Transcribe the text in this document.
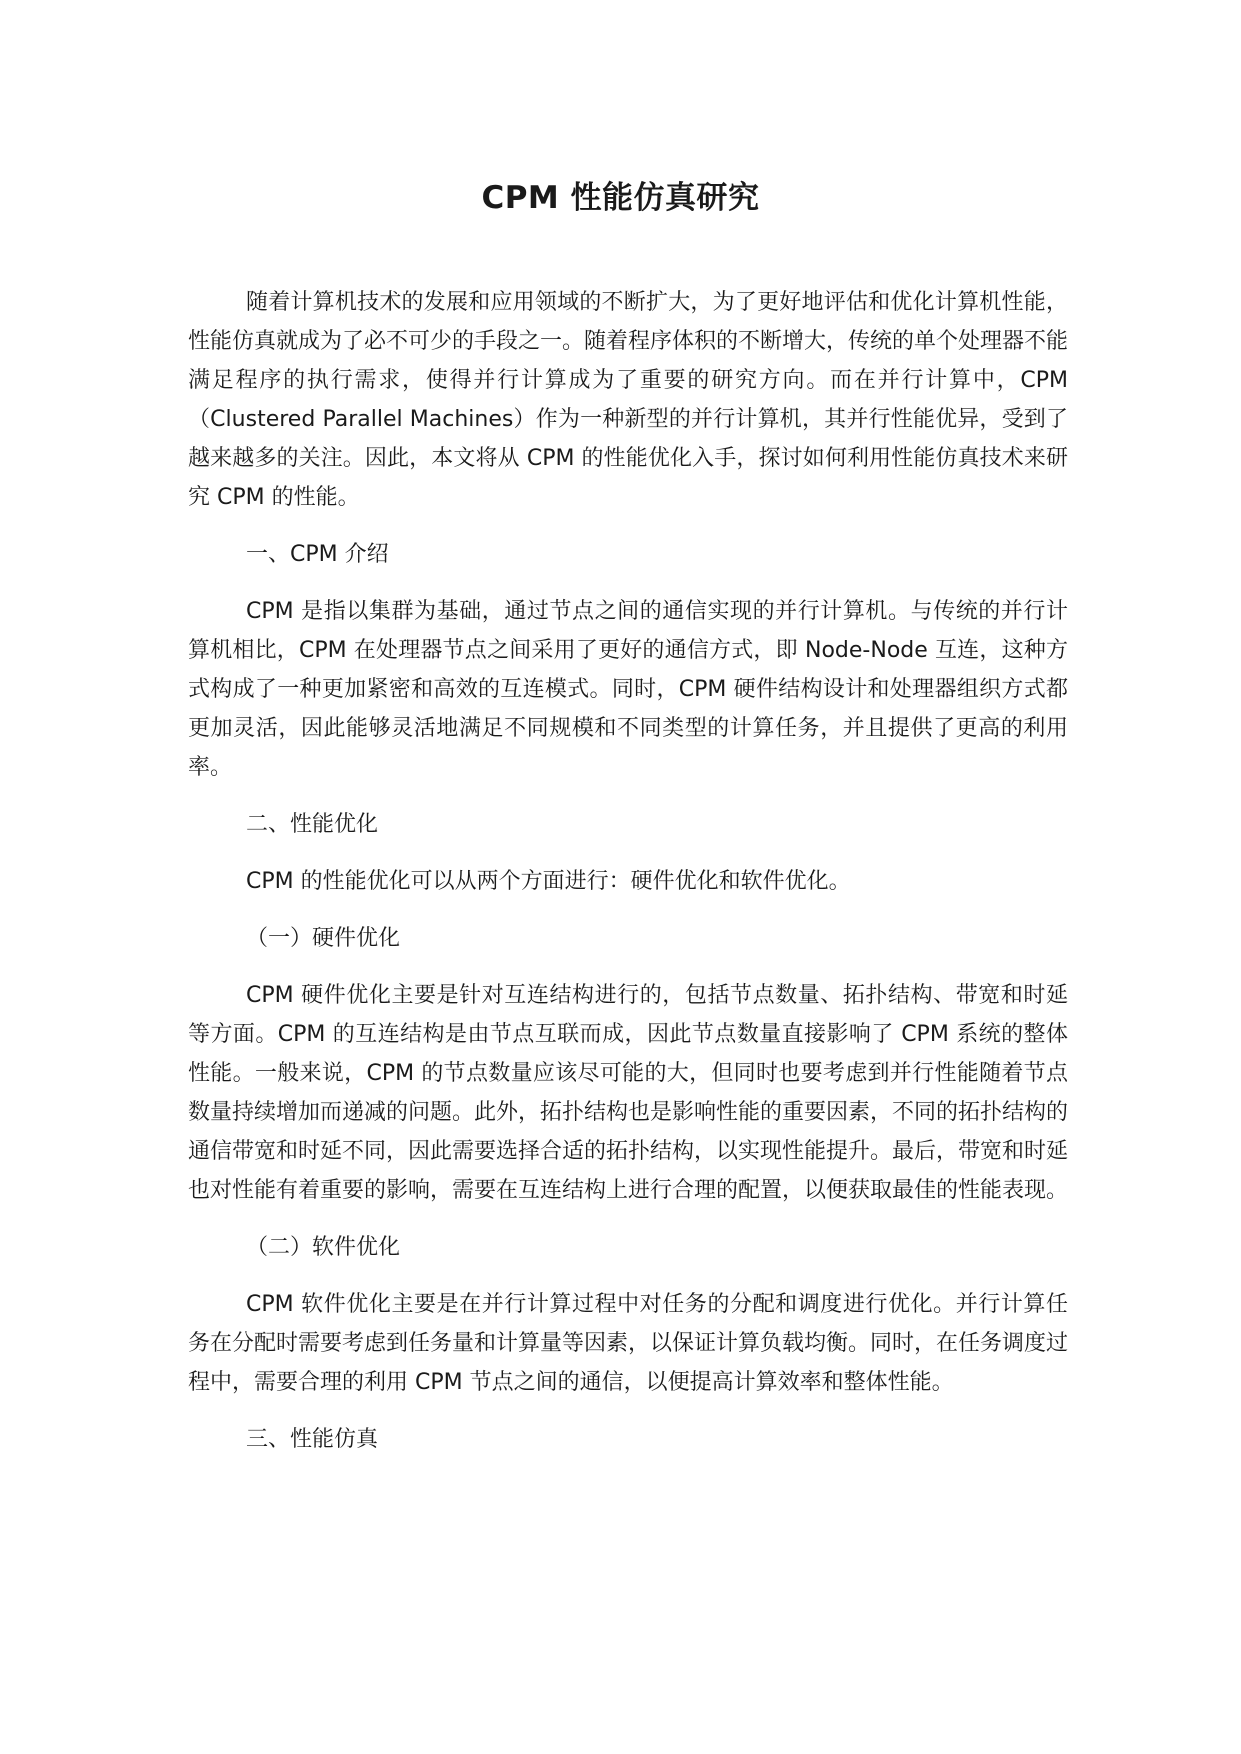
CPM 性能仿真研究

随着计算机技术的发展和应用领域的不断扩大，为了更好地评估和优化计算机性能，性能仿真就成为了必不可少的手段之一。随着程序体积的不断增大，传统的单个处理器不能满足程序的执行需求，使得并行计算成为了重要的研究方向。而在并行计算中，CPM（Clustered Parallel Machines）作为一种新型的并行计算机，其并行性能优异，受到了越来越多的关注。因此，本文将从 CPM 的性能优化入手，探讨如何利用性能仿真技术来研究 CPM 的性能。

一、CPM 介绍

CPM 是指以集群为基础，通过节点之间的通信实现的并行计算机。与传统的并行计算机相比，CPM 在处理器节点之间采用了更好的通信方式，即 Node-Node 互连，这种方式构成了一种更加紧密和高效的互连模式。同时，CPM 硬件结构设计和处理器组织方式都更加灵活，因此能够灵活地满足不同规模和不同类型的计算任务，并且提供了更高的利用率。

二、性能优化

CPM 的性能优化可以从两个方面进行：硬件优化和软件优化。

（一）硬件优化

CPM 硬件优化主要是针对互连结构进行的，包括节点数量、拓扑结构、带宽和时延等方面。CPM 的互连结构是由节点互联而成，因此节点数量直接影响了 CPM 系统的整体性能。一般来说，CPM 的节点数量应该尽可能的大，但同时也要考虑到并行性能随着节点数量持续增加而递减的问题。此外，拓扑结构也是影响性能的重要因素，不同的拓扑结构的通信带宽和时延不同，因此需要选择合适的拓扑结构，以实现性能提升。最后，带宽和时延也对性能有着重要的影响，需要在互连结构上进行合理的配置，以便获取最佳的性能表现。

（二）软件优化

CPM 软件优化主要是在并行计算过程中对任务的分配和调度进行优化。并行计算任务在分配时需要考虑到任务量和计算量等因素，以保证计算负载均衡。同时，在任务调度过程中，需要合理的利用 CPM 节点之间的通信，以便提高计算效率和整体性能。

三、性能仿真
